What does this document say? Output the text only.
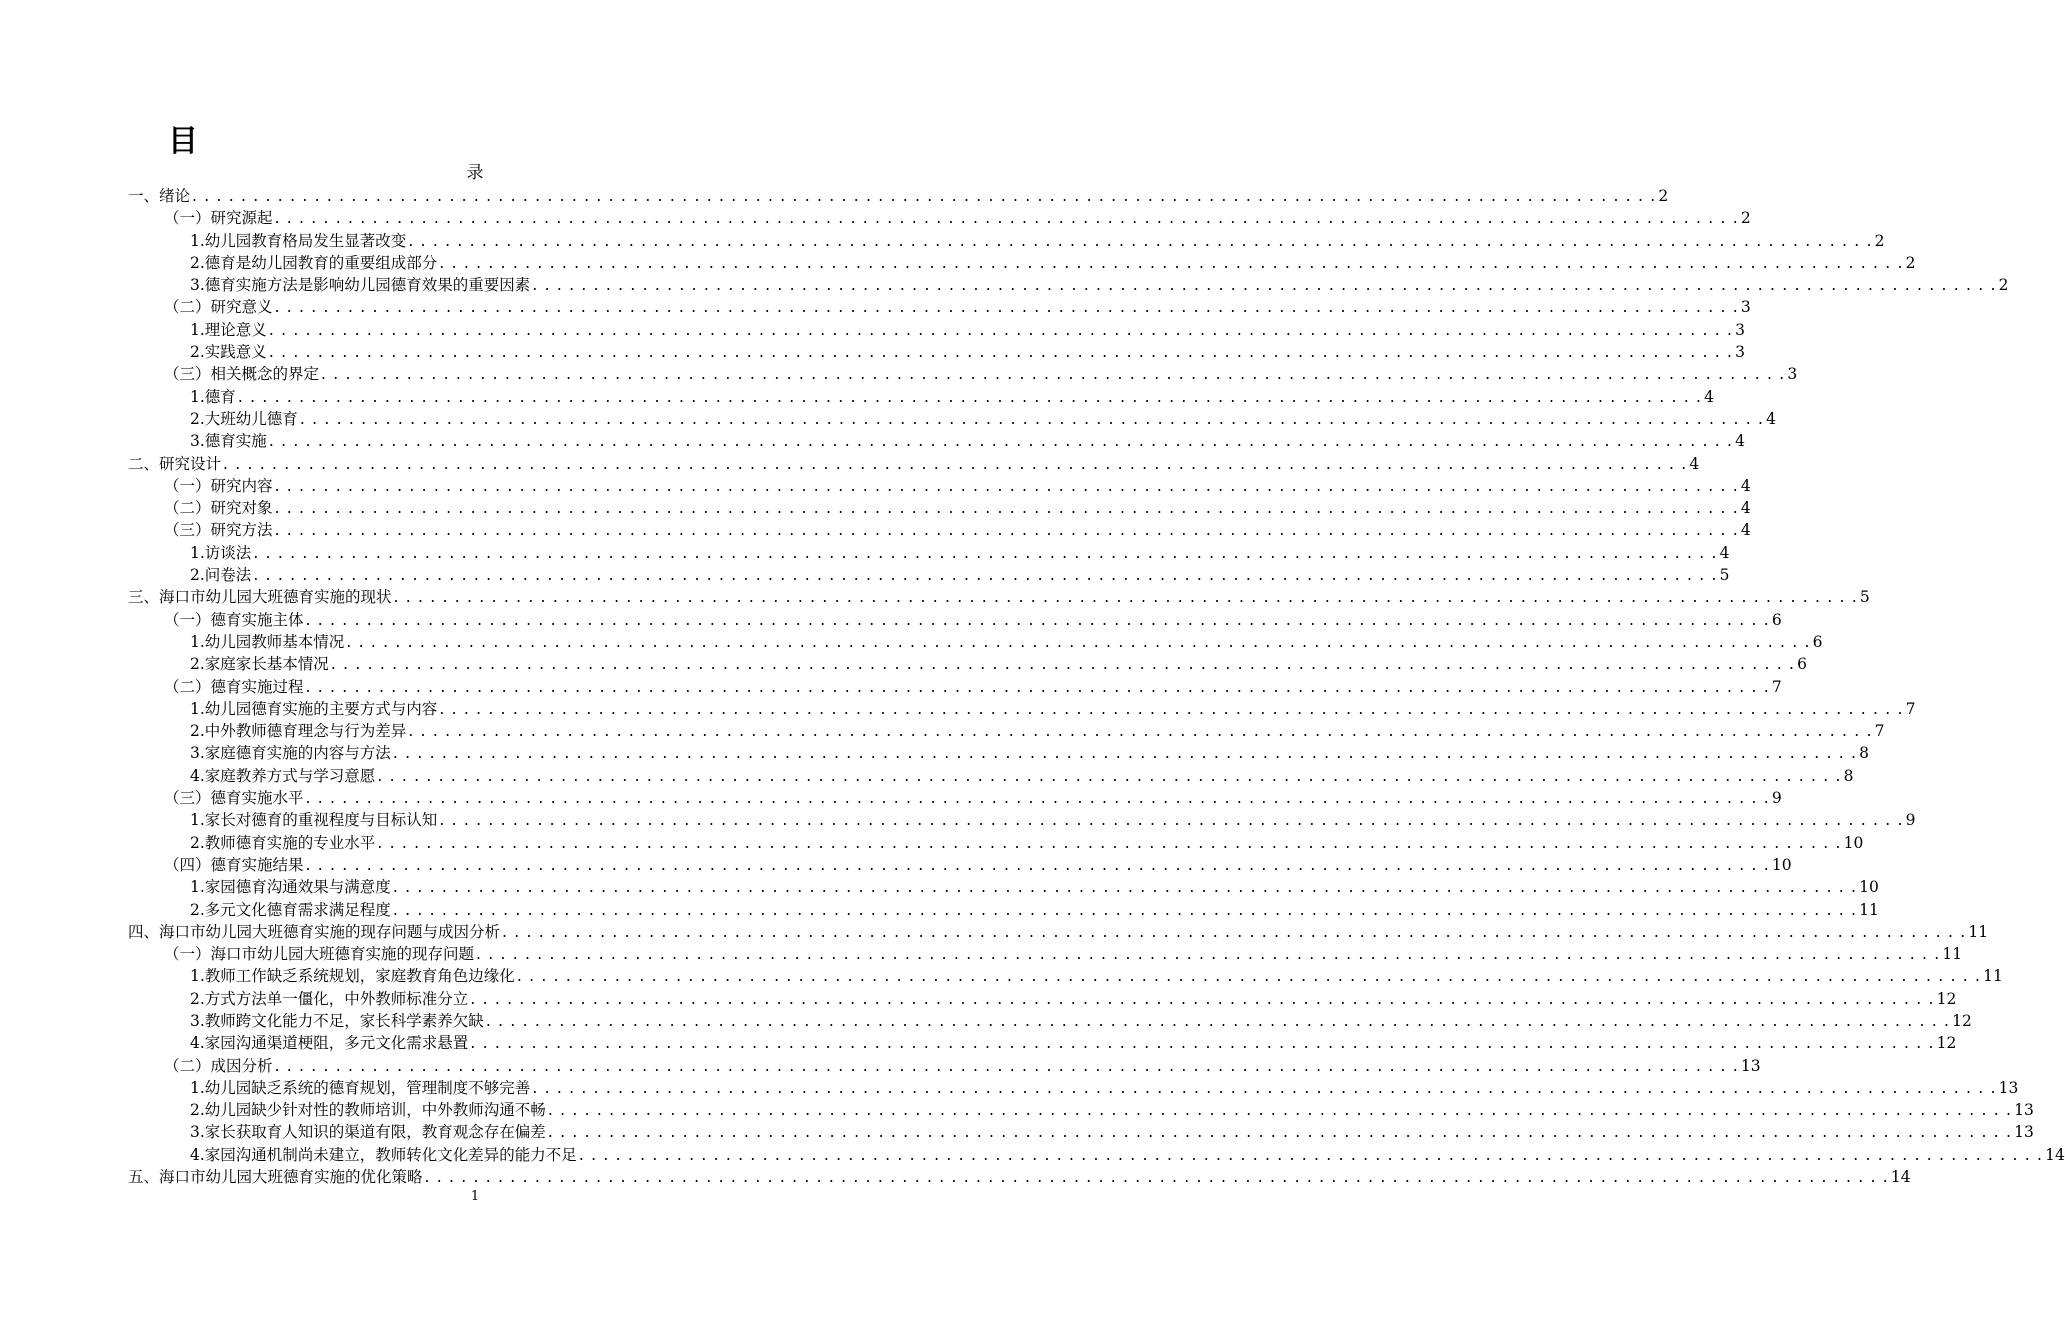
目
录
一、 绪论 . . . . . . . . . . . . . . . . . . . . . . . . . . . . . . . . . . . . . . . . . . . . . . . . . . . . . . . . . . . . . . . . . . . . . . . . . . . . . . . . . . . . . . . . . . . . . . . . . . . . . . . . . . . . . . . . . . . . . . . . 2
（一） 研究源起 . . . . . . . . . . . . . . . . . . . . . . . . . . . . . . . . . . . . . . . . . . . . . . . . . . . . . . . . . . . . . . . . . . . . . . . . . . . . . . . . . . . . . . . . . . . . . . . . . . . . . . . . . . . . . . . . . . . . . . . . 2
1. 幼儿园教育格局发生显著改变 . . . . . . . . . . . . . . . . . . . . . . . . . . . . . . . . . . . . . . . . . . . . . . . . . . . . . . . . . . . . . . . . . . . . . . . . . . . . . . . . . . . . . . . . . . . . . . . . . . . . . . . . . . . . . . . . . . . . . . . . 2
2. 德育是幼儿园教育的重要组成部分 . . . . . . . . . . . . . . . . . . . . . . . . . . . . . . . . . . . . . . . . . . . . . . . . . . . . . . . . . . . . . . . . . . . . . . . . . . . . . . . . . . . . . . . . . . . . . . . . . . . . . . . . . . . . . . . . . . . . . . . . 2
3. 德育实施方法是影响幼儿园德育效果的重要因素 . . . . . . . . . . . . . . . . . . . . . . . . . . . . . . . . . . . . . . . . . . . . . . . . . . . . . . . . . . . . . . . . . . . . . . . . . . . . . . . . . . . . . . . . . . . . . . . . . . . . . . . . . . . . . . . . . . . . . . . . 2
（二） 研究意义 . . . . . . . . . . . . . . . . . . . . . . . . . . . . . . . . . . . . . . . . . . . . . . . . . . . . . . . . . . . . . . . . . . . . . . . . . . . . . . . . . . . . . . . . . . . . . . . . . . . . . . . . . . . . . . . . . . . . . . . . 3
1. 理论意义 . . . . . . . . . . . . . . . . . . . . . . . . . . . . . . . . . . . . . . . . . . . . . . . . . . . . . . . . . . . . . . . . . . . . . . . . . . . . . . . . . . . . . . . . . . . . . . . . . . . . . . . . . . . . . . . . . . . . . . . . 3
2. 实践意义 . . . . . . . . . . . . . . . . . . . . . . . . . . . . . . . . . . . . . . . . . . . . . . . . . . . . . . . . . . . . . . . . . . . . . . . . . . . . . . . . . . . . . . . . . . . . . . . . . . . . . . . . . . . . . . . . . . . . . . . . 3
（三） 相关概念的界定 . . . . . . . . . . . . . . . . . . . . . . . . . . . . . . . . . . . . . . . . . . . . . . . . . . . . . . . . . . . . . . . . . . . . . . . . . . . . . . . . . . . . . . . . . . . . . . . . . . . . . . . . . . . . . . . . . . . . . . . . 3
1. 德育 . . . . . . . . . . . . . . . . . . . . . . . . . . . . . . . . . . . . . . . . . . . . . . . . . . . . . . . . . . . . . . . . . . . . . . . . . . . . . . . . . . . . . . . . . . . . . . . . . . . . . . . . . . . . . . . . . . . . . . . . 4
2. 大班幼儿德育 . . . . . . . . . . . . . . . . . . . . . . . . . . . . . . . . . . . . . . . . . . . . . . . . . . . . . . . . . . . . . . . . . . . . . . . . . . . . . . . . . . . . . . . . . . . . . . . . . . . . . . . . . . . . . . . . . . . . . . . . 4
3. 德育实施 . . . . . . . . . . . . . . . . . . . . . . . . . . . . . . . . . . . . . . . . . . . . . . . . . . . . . . . . . . . . . . . . . . . . . . . . . . . . . . . . . . . . . . . . . . . . . . . . . . . . . . . . . . . . . . . . . . . . . . . . 4
二、 研究设计 . . . . . . . . . . . . . . . . . . . . . . . . . . . . . . . . . . . . . . . . . . . . . . . . . . . . . . . . . . . . . . . . . . . . . . . . . . . . . . . . . . . . . . . . . . . . . . . . . . . . . . . . . . . . . . . . . . . . . . . . 4
（一） 研究内容 . . . . . . . . . . . . . . . . . . . . . . . . . . . . . . . . . . . . . . . . . . . . . . . . . . . . . . . . . . . . . . . . . . . . . . . . . . . . . . . . . . . . . . . . . . . . . . . . . . . . . . . . . . . . . . . . . . . . . . . . 4
（二） 研究对象 . . . . . . . . . . . . . . . . . . . . . . . . . . . . . . . . . . . . . . . . . . . . . . . . . . . . . . . . . . . . . . . . . . . . . . . . . . . . . . . . . . . . . . . . . . . . . . . . . . . . . . . . . . . . . . . . . . . . . . . . 4
（三） 研究方法 . . . . . . . . . . . . . . . . . . . . . . . . . . . . . . . . . . . . . . . . . . . . . . . . . . . . . . . . . . . . . . . . . . . . . . . . . . . . . . . . . . . . . . . . . . . . . . . . . . . . . . . . . . . . . . . . . . . . . . . . 4
1. 访谈法 . . . . . . . . . . . . . . . . . . . . . . . . . . . . . . . . . . . . . . . . . . . . . . . . . . . . . . . . . . . . . . . . . . . . . . . . . . . . . . . . . . . . . . . . . . . . . . . . . . . . . . . . . . . . . . . . . . . . . . . . 4
2. 问卷法 . . . . . . . . . . . . . . . . . . . . . . . . . . . . . . . . . . . . . . . . . . . . . . . . . . . . . . . . . . . . . . . . . . . . . . . . . . . . . . . . . . . . . . . . . . . . . . . . . . . . . . . . . . . . . . . . . . . . . . . . 5
三、 海口市幼儿园大班德育实施的现状 . . . . . . . . . . . . . . . . . . . . . . . . . . . . . . . . . . . . . . . . . . . . . . . . . . . . . . . . . . . . . . . . . . . . . . . . . . . . . . . . . . . . . . . . . . . . . . . . . . . . . . . . . . . . . . . . . . . . . . . . 5
（一） 德育实施主体 . . . . . . . . . . . . . . . . . . . . . . . . . . . . . . . . . . . . . . . . . . . . . . . . . . . . . . . . . . . . . . . . . . . . . . . . . . . . . . . . . . . . . . . . . . . . . . . . . . . . . . . . . . . . . . . . . . . . . . . . 6
1. 幼儿园教师基本情况 . . . . . . . . . . . . . . . . . . . . . . . . . . . . . . . . . . . . . . . . . . . . . . . . . . . . . . . . . . . . . . . . . . . . . . . . . . . . . . . . . . . . . . . . . . . . . . . . . . . . . . . . . . . . . . . . . . . . . . . . 6
2. 家庭家长基本情况 . . . . . . . . . . . . . . . . . . . . . . . . . . . . . . . . . . . . . . . . . . . . . . . . . . . . . . . . . . . . . . . . . . . . . . . . . . . . . . . . . . . . . . . . . . . . . . . . . . . . . . . . . . . . . . . . . . . . . . . . 6
（二） 德育实施过程 . . . . . . . . . . . . . . . . . . . . . . . . . . . . . . . . . . . . . . . . . . . . . . . . . . . . . . . . . . . . . . . . . . . . . . . . . . . . . . . . . . . . . . . . . . . . . . . . . . . . . . . . . . . . . . . . . . . . . . . . 7
1. 幼儿园德育实施的主要方式与内容 . . . . . . . . . . . . . . . . . . . . . . . . . . . . . . . . . . . . . . . . . . . . . . . . . . . . . . . . . . . . . . . . . . . . . . . . . . . . . . . . . . . . . . . . . . . . . . . . . . . . . . . . . . . . . . . . . . . . . . . . 7
2. 中外教师德育理念与行为差异 . . . . . . . . . . . . . . . . . . . . . . . . . . . . . . . . . . . . . . . . . . . . . . . . . . . . . . . . . . . . . . . . . . . . . . . . . . . . . . . . . . . . . . . . . . . . . . . . . . . . . . . . . . . . . . . . . . . . . . . . 7
3. 家庭德育实施的内容与方法 . . . . . . . . . . . . . . . . . . . . . . . . . . . . . . . . . . . . . . . . . . . . . . . . . . . . . . . . . . . . . . . . . . . . . . . . . . . . . . . . . . . . . . . . . . . . . . . . . . . . . . . . . . . . . . . . . . . . . . . . 8
4. 家庭教养方式与学习意愿 . . . . . . . . . . . . . . . . . . . . . . . . . . . . . . . . . . . . . . . . . . . . . . . . . . . . . . . . . . . . . . . . . . . . . . . . . . . . . . . . . . . . . . . . . . . . . . . . . . . . . . . . . . . . . . . . . . . . . . . . 8
（三） 德育实施水平 . . . . . . . . . . . . . . . . . . . . . . . . . . . . . . . . . . . . . . . . . . . . . . . . . . . . . . . . . . . . . . . . . . . . . . . . . . . . . . . . . . . . . . . . . . . . . . . . . . . . . . . . . . . . . . . . . . . . . . . . 9
1. 家长对德育的重视程度与目标认知 . . . . . . . . . . . . . . . . . . . . . . . . . . . . . . . . . . . . . . . . . . . . . . . . . . . . . . . . . . . . . . . . . . . . . . . . . . . . . . . . . . . . . . . . . . . . . . . . . . . . . . . . . . . . . . . . . . . . . . . . 9
2. 教师德育实施的专业水平 . . . . . . . . . . . . . . . . . . . . . . . . . . . . . . . . . . . . . . . . . . . . . . . . . . . . . . . . . . . . . . . . . . . . . . . . . . . . . . . . . . . . . . . . . . . . . . . . . . . . . . . . . . . . . . . . . . . . . . . . 10
（四） 德育实施结果 . . . . . . . . . . . . . . . . . . . . . . . . . . . . . . . . . . . . . . . . . . . . . . . . . . . . . . . . . . . . . . . . . . . . . . . . . . . . . . . . . . . . . . . . . . . . . . . . . . . . . . . . . . . . . . . . . . . . . . . . 10
1. 家园德育沟通效果与满意度 . . . . . . . . . . . . . . . . . . . . . . . . . . . . . . . . . . . . . . . . . . . . . . . . . . . . . . . . . . . . . . . . . . . . . . . . . . . . . . . . . . . . . . . . . . . . . . . . . . . . . . . . . . . . . . . . . . . . . . . . 10
2. 多元文化德育需求满足程度 . . . . . . . . . . . . . . . . . . . . . . . . . . . . . . . . . . . . . . . . . . . . . . . . . . . . . . . . . . . . . . . . . . . . . . . . . . . . . . . . . . . . . . . . . . . . . . . . . . . . . . . . . . . . . . . . . . . . . . . . 11
四、 海口市幼儿园大班德育实施的现存问题与成因分析 . . . . . . . . . . . . . . . . . . . . . . . . . . . . . . . . . . . . . . . . . . . . . . . . . . . . . . . . . . . . . . . . . . . . . . . . . . . . . . . . . . . . . . . . . . . . . . . . . . . . . . . . . . . . . . . . . . . . . . . . 11
（一） 海口市幼儿园大班德育实施的现存问题 . . . . . . . . . . . . . . . . . . . . . . . . . . . . . . . . . . . . . . . . . . . . . . . . . . . . . . . . . . . . . . . . . . . . . . . . . . . . . . . . . . . . . . . . . . . . . . . . . . . . . . . . . . . . . . . . . . . . . . . . 11
1. 教师工作缺乏系统规划，家庭教育角色边缘化 . . . . . . . . . . . . . . . . . . . . . . . . . . . . . . . . . . . . . . . . . . . . . . . . . . . . . . . . . . . . . . . . . . . . . . . . . . . . . . . . . . . . . . . . . . . . . . . . . . . . . . . . . . . . . . . . . . . . . . . . 11
2. 方式方法单一僵化，中外教师标准分立 . . . . . . . . . . . . . . . . . . . . . . . . . . . . . . . . . . . . . . . . . . . . . . . . . . . . . . . . . . . . . . . . . . . . . . . . . . . . . . . . . . . . . . . . . . . . . . . . . . . . . . . . . . . . . . . . . . . . . . . . 12
3. 教师跨文化能力不足，家长科学素养欠缺 . . . . . . . . . . . . . . . . . . . . . . . . . . . . . . . . . . . . . . . . . . . . . . . . . . . . . . . . . . . . . . . . . . . . . . . . . . . . . . . . . . . . . . . . . . . . . . . . . . . . . . . . . . . . . . . . . . . . . . . . 12
4. 家园沟通渠道梗阻，多元文化需求悬置 . . . . . . . . . . . . . . . . . . . . . . . . . . . . . . . . . . . . . . . . . . . . . . . . . . . . . . . . . . . . . . . . . . . . . . . . . . . . . . . . . . . . . . . . . . . . . . . . . . . . . . . . . . . . . . . . . . . . . . . . 12
（二） 成因分析 . . . . . . . . . . . . . . . . . . . . . . . . . . . . . . . . . . . . . . . . . . . . . . . . . . . . . . . . . . . . . . . . . . . . . . . . . . . . . . . . . . . . . . . . . . . . . . . . . . . . . . . . . . . . . . . . . . . . . . . . 13
1. 幼儿园缺乏系统的德育规划，管理制度不够完善 . . . . . . . . . . . . . . . . . . . . . . . . . . . . . . . . . . . . . . . . . . . . . . . . . . . . . . . . . . . . . . . . . . . . . . . . . . . . . . . . . . . . . . . . . . . . . . . . . . . . . . . . . . . . . . . . . . . . . . . . 13
2. 幼儿园缺少针对性的教师培训，中外教师沟通不畅 . . . . . . . . . . . . . . . . . . . . . . . . . . . . . . . . . . . . . . . . . . . . . . . . . . . . . . . . . . . . . . . . . . . . . . . . . . . . . . . . . . . . . . . . . . . . . . . . . . . . . . . . . . . . . . . . . . . . . . . . 13
3. 家长获取育人知识的渠道有限，教育观念存在偏差 . . . . . . . . . . . . . . . . . . . . . . . . . . . . . . . . . . . . . . . . . . . . . . . . . . . . . . . . . . . . . . . . . . . . . . . . . . . . . . . . . . . . . . . . . . . . . . . . . . . . . . . . . . . . . . . . . . . . . . . . 13
4. 家园沟通机制尚未建立，教师转化文化差异的能力不足 . . . . . . . . . . . . . . . . . . . . . . . . . . . . . . . . . . . . . . . . . . . . . . . . . . . . . . . . . . . . . . . . . . . . . . . . . . . . . . . . . . . . . . . . . . . . . . . . . . . . . . . . . . . . . . . . . . . . . . . . 14
五、 海口市幼儿园大班德育实施的优化策略 . . . . . . . . . . . . . . . . . . . . . . . . . . . . . . . . . . . . . . . . . . . . . . . . . . . . . . . . . . . . . . . . . . . . . . . . . . . . . . . . . . . . . . . . . . . . . . . . . . . . . . . . . . . . . . . . . . . . . . . . 14
1
